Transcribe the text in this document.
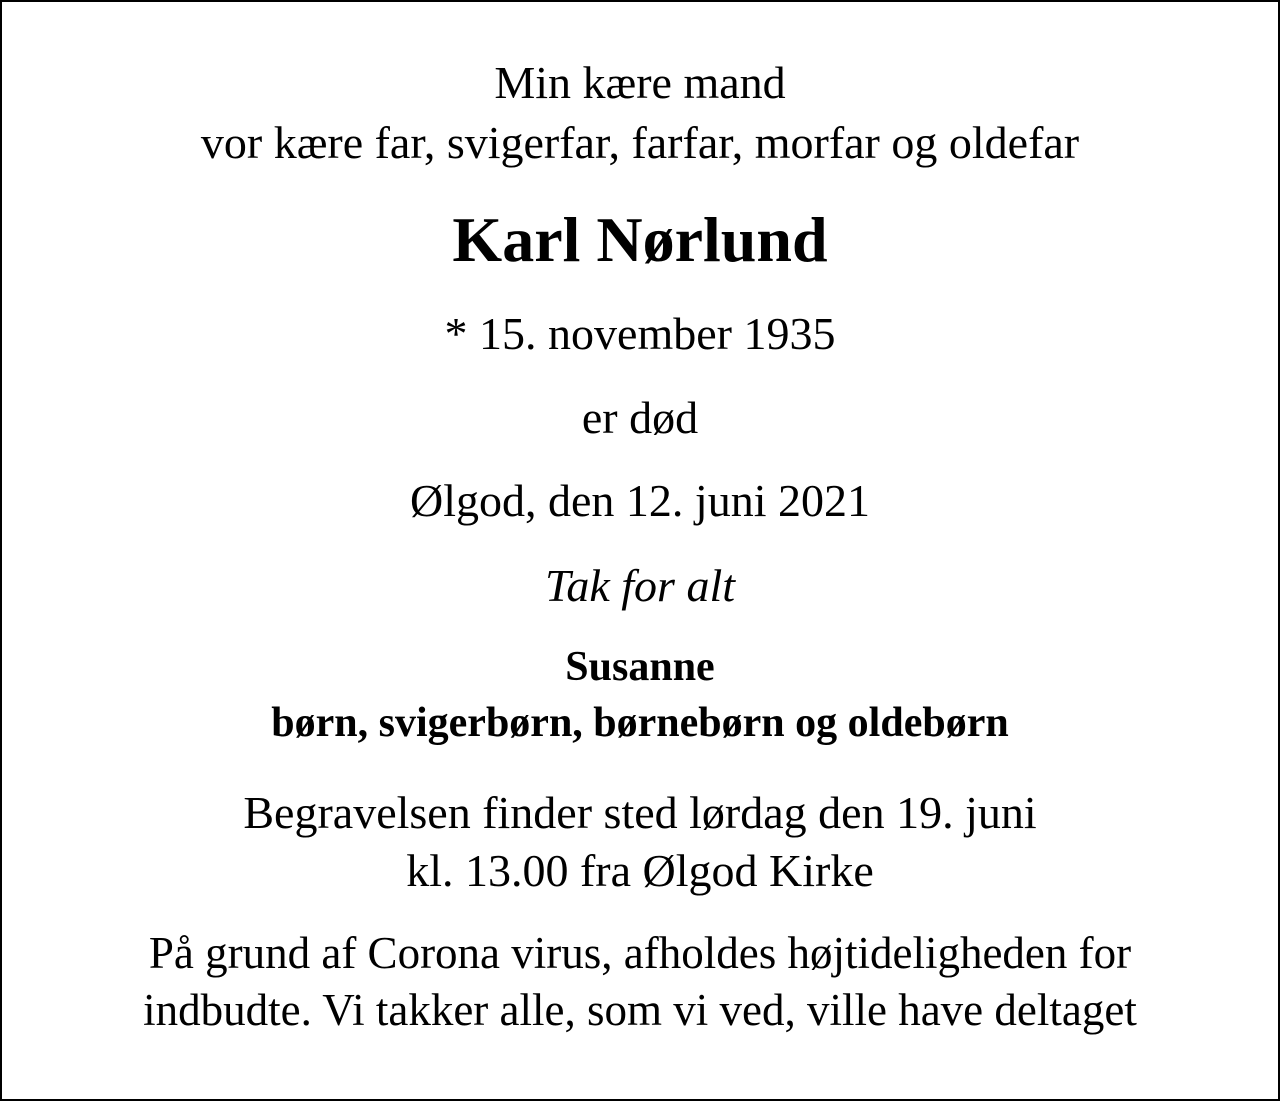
Min kære mand
vor kære far, svigerfar, farfar, morfar og oldefar
Karl Nørlund
* 15. november 1935
er død
Ølgod, den 12. juni 2021
Tak for alt
Susanne
børn, svigerbørn, børnebørn og oldebørn
Begravelsen finder sted lørdag den 19. juni
kl. 13.00 fra Ølgod Kirke
På grund af Corona virus, afholdes højtideligheden for
indbudte. Vi takker alle, som vi ved, ville have deltaget
